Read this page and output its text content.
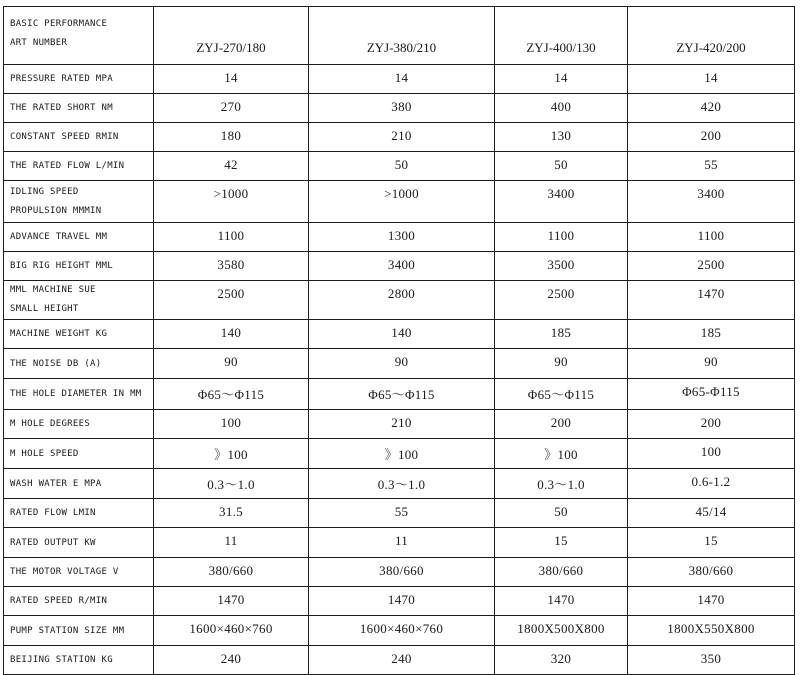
BASIC PERFORMANCE
ART NUMBER	ZYJ-270/180	ZYJ-380/210	ZYJ-400/130	ZYJ-420/200
PRESSURE RATED MPA	14	14	14	14
THE RATED SHORT NM	270	380	400	420
CONSTANT SPEED RMIN	180	210	130	200
THE RATED FLOW L/MIN	42	50	50	55

IDLING SPEED
PROPULSION MMMIN	>1000	>1000	3400	3400
ADVANCE TRAVEL MM	1100	1300	1100	1100
BIG RIG HEIGHT MML	3580	3400	3500	2500

MML MACHINE SUE
SMALL HEIGHT	2500	2800	2500	1470
MACHINE WEIGHT KG	140	140	185	185
THE NOISE DB (A)	90	90	90	90
THE HOLE DIAMETER IN MM	Φ65～Φ115	Φ65～Φ115	Φ65～Φ115	Φ65-Φ115
M HOLE DEGREES	100	210	200	200
M HOLE SPEED	》100	》100	》100	100
WASH WATER E MPA	0.3～1.0	0.3～1.0	0.3～1.0	0.6-1.2
RATED FLOW LMIN	31.5	55	50	45/14
RATED OUTPUT KW	11	11	15	15
THE MOTOR VOLTAGE V	380/660	380/660	380/660	380/660
RATED SPEED R/MIN	1470	1470	1470	1470
PUMP STATION SIZE MM	1600×460×760	1600×460×760	1800X500X800	1800X550X800
BEIJING STATION KG	240	240	320	350
